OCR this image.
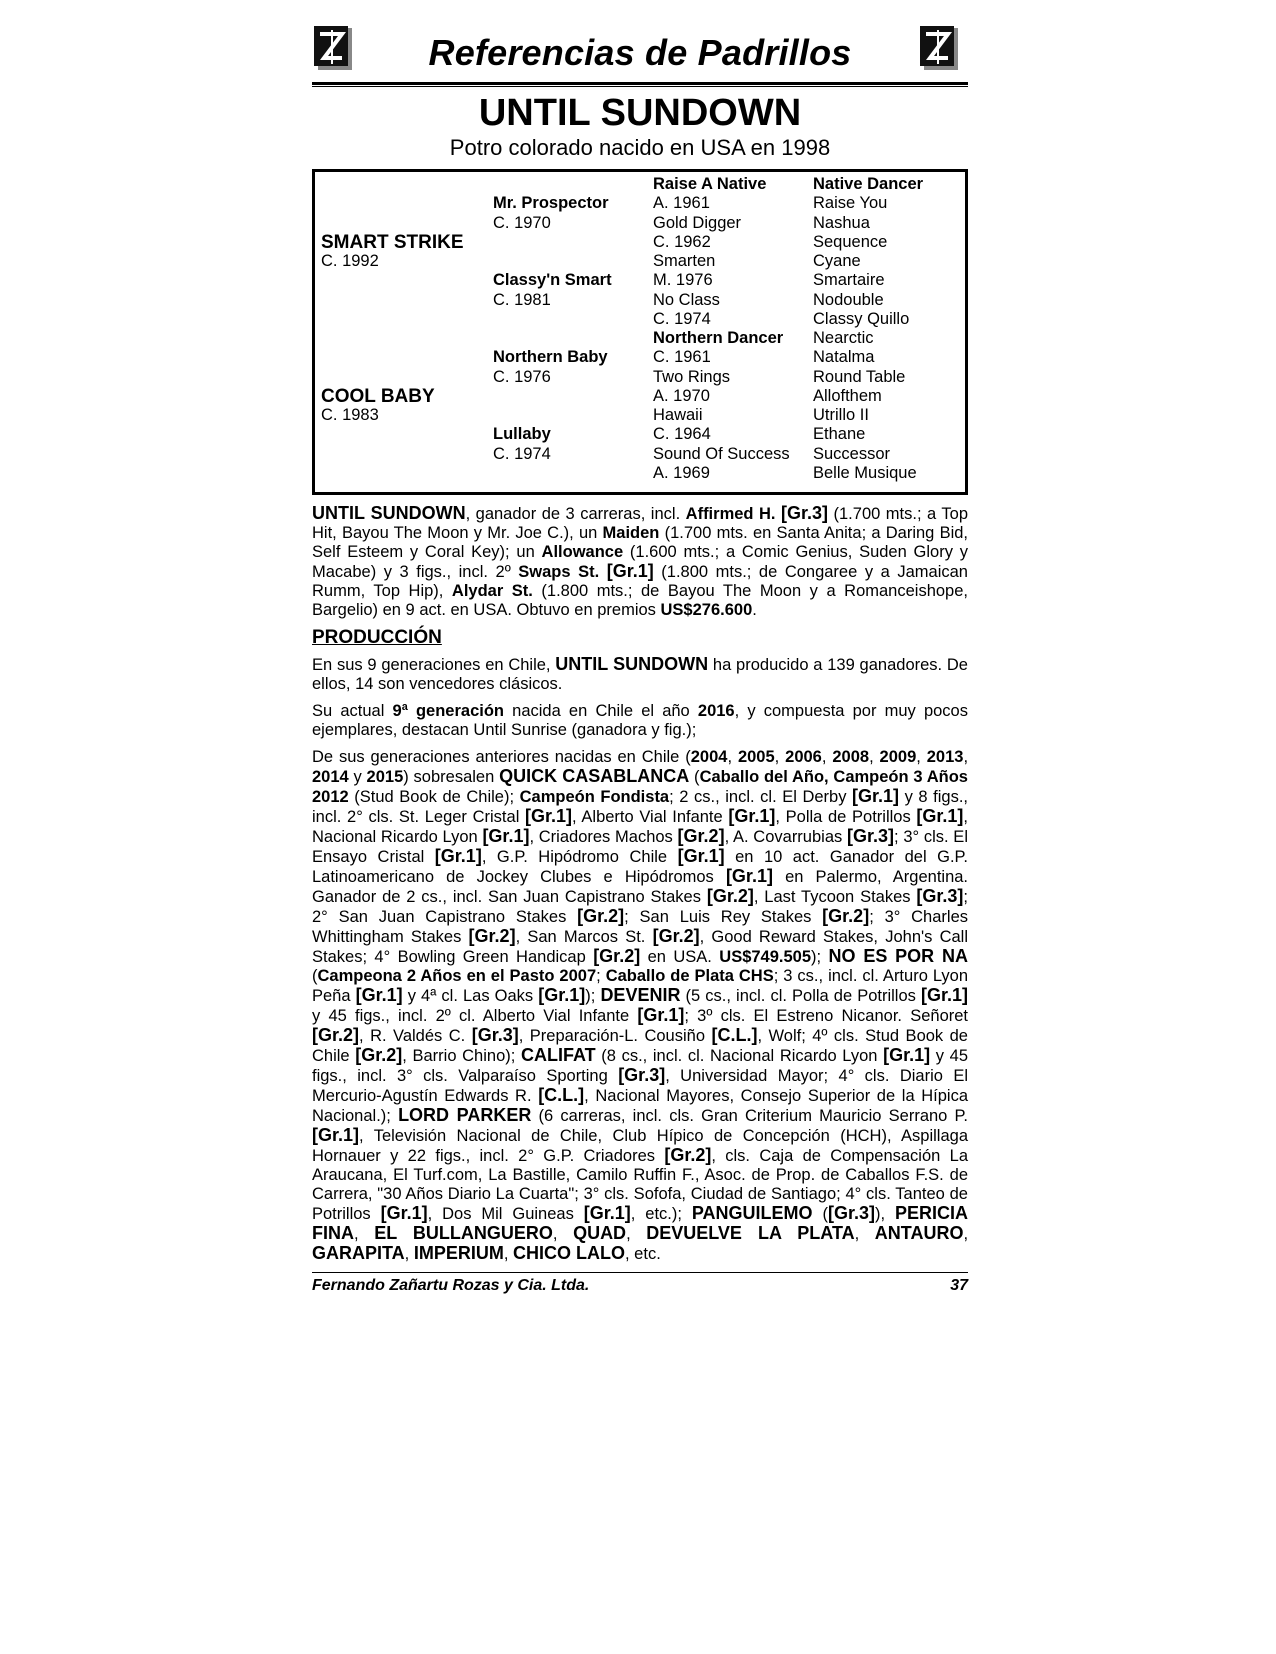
Referencias de Padrillos
UNTIL SUNDOWN
Potro colorado nacido en USA en 1998
SMART STRIKE
C. 1992
COOL BABY
C. 1983
Mr. Prospector
C. 1970
Classy'n Smart
C. 1981
Northern Baby
C. 1976
Lullaby
C. 1974
Raise A Native
A. 1961
Gold Digger
C. 1962
Smarten
M. 1976
No Class
C. 1974
Northern Dancer
C. 1961
Two Rings
A. 1970
Hawaii
C. 1964
Sound Of Success
A. 1969
Native Dancer
Raise You
Nashua
Sequence
Cyane
Smartaire
Nodouble
Classy Quillo
Nearctic
Natalma
Round Table
Allofthem
Utrillo II
Ethane
Successor
Belle Musique

UNTIL SUNDOWN, ganador de 3 carreras, incl. Affirmed H. [Gr.3] (1.700 mts.; a Top Hit, Bayou The Moon y Mr. Joe C.), un Maiden (1.700 mts. en Santa Anita; a Daring Bid, Self Esteem y Coral Key); un Allowance (1.600 mts.; a Comic Genius, Suden Glory y Macabe) y 3 figs., incl. 2º Swaps St. [Gr.1] (1.800 mts.; de Congaree y a Jamaican Rumm, Top Hip), Alydar St. (1.800 mts.; de Bayou The Moon y a Romanceishope, Bargelio) en 9 act. en USA. Obtuvo en premios US$276.600.

PRODUCCIÓN

En sus 9 generaciones en Chile, UNTIL SUNDOWN ha producido a 139 ganadores. De ellos, 14 son vencedores clásicos.

Su actual 9ª generación nacida en Chile el año 2016, y compuesta por muy pocos ejemplares, destacan Until Sunrise (ganadora y fig.);

De sus generaciones anteriores nacidas en Chile (2004, 2005, 2006, 2008, 2009, 2013, 2014 y 2015) sobresalen QUICK CASABLANCA (Caballo del Año, Campeón 3 Años 2012 (Stud Book de Chile); Campeón Fondista; 2 cs., incl. cl. El Derby [Gr.1] y 8 figs., incl. 2° cls. St. Leger Cristal [Gr.1], Alberto Vial Infante [Gr.1], Polla de Potrillos [Gr.1], Nacional Ricardo Lyon [Gr.1], Criadores Machos [Gr.2], A. Covarrubias [Gr.3]; 3° cls. El Ensayo Cristal [Gr.1], G.P. Hipódromo Chile [Gr.1] en 10 act. Ganador del G.P. Latinoamericano de Jockey Clubes e Hipódromos [Gr.1] en Palermo, Argentina. Ganador de 2 cs., incl. San Juan Capistrano Stakes [Gr.2], Last Tycoon Stakes [Gr.3]; 2° San Juan Capistrano Stakes [Gr.2]; San Luis Rey Stakes [Gr.2]; 3° Charles Whittingham Stakes [Gr.2], San Marcos St. [Gr.2], Good Reward Stakes, John's Call Stakes; 4° Bowling Green Handicap [Gr.2] en USA. US$749.505); NO ES POR NA (Campeona 2 Años en el Pasto 2007; Caballo de Plata CHS; 3 cs., incl. cl. Arturo Lyon Peña [Gr.1] y 4ª cl. Las Oaks [Gr.1]); DEVENIR (5 cs., incl. cl. Polla de Potrillos [Gr.1] y 45 figs., incl. 2º cl. Alberto Vial Infante [Gr.1]; 3º cls. El Estreno Nicanor. Señoret [Gr.2], R. Valdés C. [Gr.3], Preparación-L. Cousiño [C.L.], Wolf; 4º cls. Stud Book de Chile [Gr.2], Barrio Chino); CALIFAT (8 cs., incl. cl. Nacional Ricardo Lyon [Gr.1] y 45 figs., incl. 3° cls. Valparaíso Sporting [Gr.3], Universidad Mayor; 4° cls. Diario El Mercurio-Agustín Edwards R. [C.L.], Nacional Mayores, Consejo Superior de la Hípica Nacional.); LORD PARKER (6 carreras, incl. cls. Gran Criterium Mauricio Serrano P. [Gr.1], Televisión Nacional de Chile, Club Hípico de Concepción (HCH), Aspillaga Hornauer y 22 figs., incl. 2° G.P. Criadores [Gr.2], cls. Caja de Compensación La Araucana, El Turf.com, La Bastille, Camilo Ruffin F., Asoc. de Prop. de Caballos F.S. de Carrera, "30 Años Diario La Cuarta"; 3° cls. Sofofa, Ciudad de Santiago; 4° cls. Tanteo de Potrillos [Gr.1], Dos Mil Guineas [Gr.1], etc.); PANGUILEMO ([Gr.3]), PERICIA FINA, EL BULLANGUERO, QUAD, DEVUELVE LA PLATA, ANTAURO, GARAPITA, IMPERIUM, CHICO LALO, etc.

Fernando Zañartu Rozas y Cia. Ltda.	37
